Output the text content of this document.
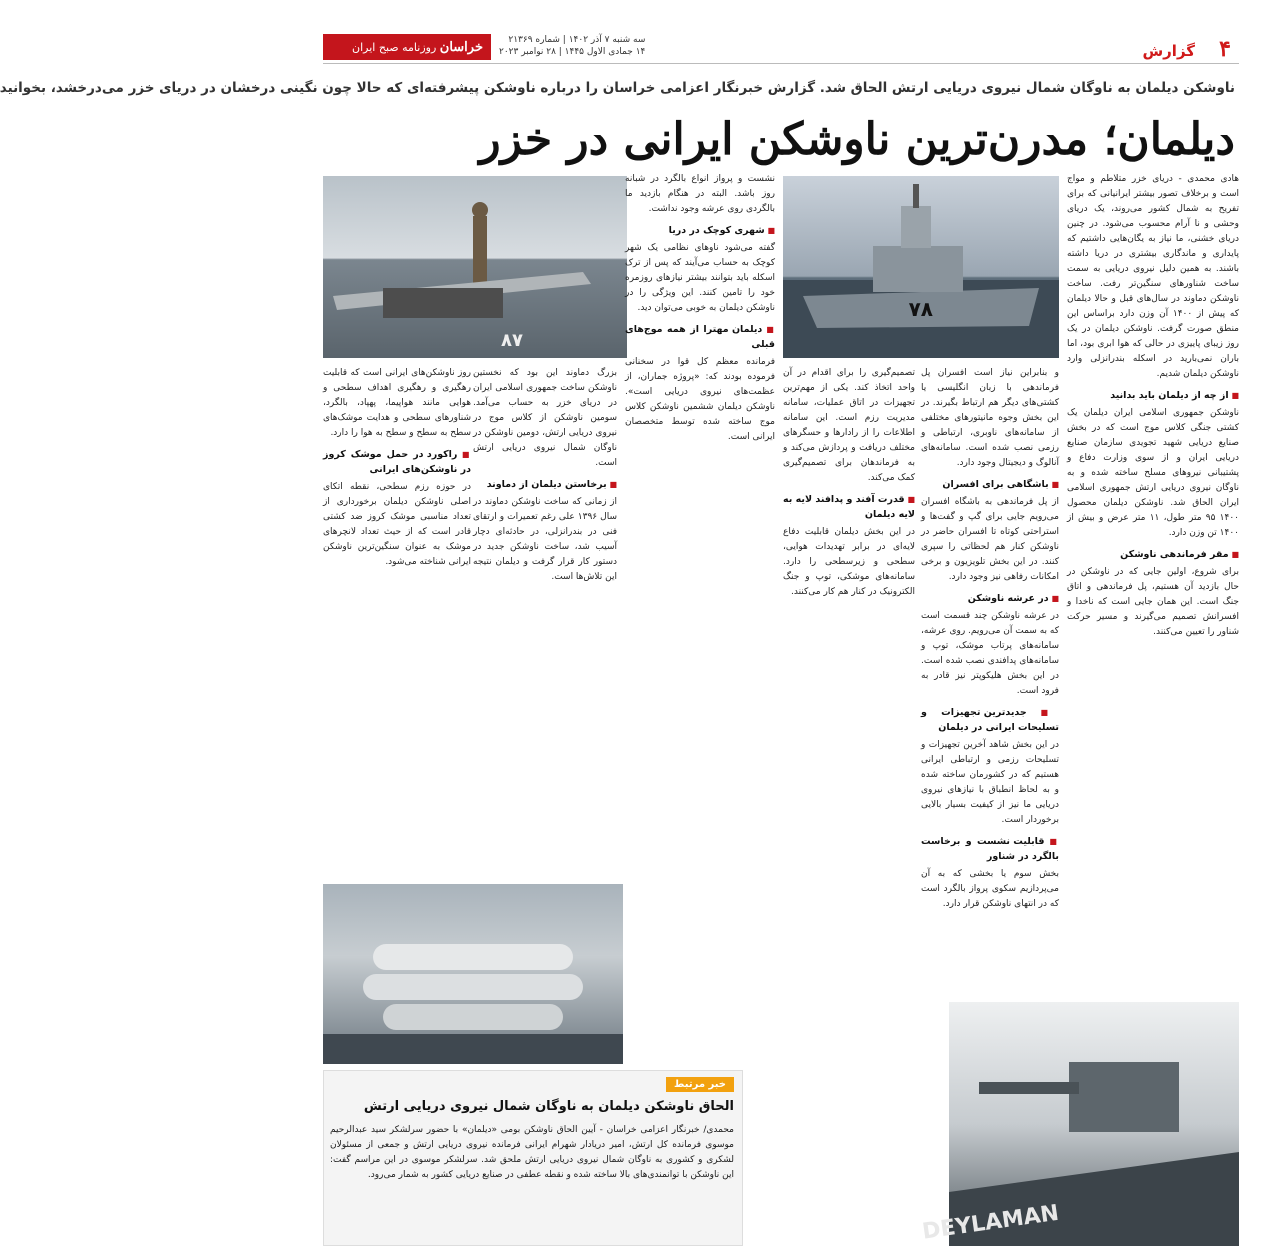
۴
گزارش
خراسان روزنامه صبح ایران
سه شنبه ۷ آذر ۱۴۰۲ | شماره ۲۱۳۶۹
۱۴ جمادی الاول ۱۴۴۵ | ۲۸ نوامبر ۲۰۲۳
ناوشکن دیلمان به ناوگان شمال نیروی دریایی ارتش الحاق شد. گزارش خبرنگار اعزامی خراسان را درباره ناوشکن پیشرفته‌ای که حالا چون نگینی درخشان در دریای خزر می‌درخشد، بخوانید
دیلمان؛ مدرن‌ترین ناوشکن ایرانی در خزر
۷۸
۸۷
DEYLAMAN

هادی محمدی - دریای خزر متلاطم و مواج است و برخلاف تصور بیشتر ایرانیانی که برای تفریح به شمال کشور می‌روند، یک دریای وحشی و نا آرام محسوب می‌شود. در چنین دریای خشنی، ما نیاز به یگان‌هایی داشتیم که پایداری و ماندگاری بیشتری در دریا داشته باشند. به همین دلیل نیروی دریایی به سمت ساخت شناورهای سنگین‌تر رفت. ساخت ناوشکن دماوند در سال‌های قبل و حالا دیلمان که پیش از ۱۴۰۰ آن وزن دارد براساس این منطق صورت گرفت. ناوشکن دیلمان در یک روز زیبای پاییزی در حالی که هوا ابری بود، اما باران نمی‌بارید در اسکله بندرانزلی وارد ناوشکن دیلمان شدیم.

■ از چه از دیلمان باید بدانید

ناوشکن جمهوری اسلامی ایران دیلمان یک کشتی جنگی کلاس موج است که در بخش صنایع دریایی شهید تجویدی سازمان صنایع دریایی ایران و از سوی وزارت دفاع و پشتیبانی نیروهای مسلح ساخته شده و به ناوگان نیروی دریایی ارتش جمهوری اسلامی ایران الحاق شد. ناوشکن دیلمان محصول ۱۴۰۰ ۹۵ متر طول، ۱۱ متر عرض و بیش از ۱۴۰۰ تن وزن دارد.

■ مقر فرماندهی ناوشکن

برای شروع، اولین جایی که در ناوشکن در حال بازدید آن هستیم، پل فرماندهی و اتاق جنگ است. این همان جایی است که ناخدا و افسرانش تصمیم می‌گیرند و مسیر حرکت شناور را تعیین می‌کنند.

و بنابراین نیاز است افسران پل فرماندهی با زبان انگلیسی یا کشتی‌های دیگر هم ارتباط بگیرند. در این بخش وجوه مانیتورهای مختلفی از سامانه‌های ناوبری، ارتباطی و رزمی نصب شده است. سامانه‌های آنالوگ و دیجیتال وجود دارد.

■ باشگاهی برای افسران

از پل فرماندهی به باشگاه افسران می‌رویم جایی برای گپ و گفت‌ها و استراحتی کوتاه تا افسران حاضر در ناوشکن کنار هم لحظاتی را سپری کنند. در این بخش تلویزیون و برخی امکانات رفاهی نیز وجود دارد.

■ در عرشه ناوشکن

در عرشه ناوشکن چند قسمت است که به سمت آن می‌رویم. روی عرشه، سامانه‌های پرتاب موشک، توپ و سامانه‌های پدافندی نصب شده است. در این بخش هلیکوپتر نیز قادر به فرود است.

■ جدیدترین تجهیزات و تسلیحات ایرانی در دیلمان

در این بخش شاهد آخرین تجهیزات و تسلیحات رزمی و ارتباطی ایرانی هستیم که در کشورمان ساخته شده و به لحاظ انطباق با نیازهای نیروی دریایی ما نیز از کیفیت بسیار بالایی برخوردار است.

■ قابلیت نشست و برخاست بالگرد در شناور

بخش سوم یا بخشی که به آن می‌پردازیم سکوی پرواز بالگرد است که در انتهای ناوشکن قرار دارد.

تصمیم‌گیری را برای اقدام در آن واحد اتخاذ کند. یکی از مهم‌ترین تجهیزات در اتاق عملیات، سامانه مدیریت رزم است. این سامانه اطلاعات را از رادارها و حسگرهای مختلف دریافت و پردازش می‌کند و به فرماندهان برای تصمیم‌گیری کمک می‌کند.

■ قدرت آفند و پدافند لایه به لایه دیلمان

در این بخش دیلمان قابلیت دفاع لایه‌ای در برابر تهدیدات هوایی، سطحی و زیرسطحی را دارد. سامانه‌های موشکی، توپ و جنگ الکترونیک در کنار هم کار می‌کنند.

نشست و پرواز انواع بالگرد در شبانه روز باشد. البته در هنگام بازدید ما بالگردی روی عرشه وجود نداشت.

■ شهری کوچک در دریا

گفته می‌شود ناوهای نظامی یک شهر کوچک به حساب می‌آیند که پس از ترک اسکله باید بتوانند بیشتر نیازهای روزمره خود را تامین کنند. این ویژگی را در ناوشکن دیلمان به خوبی می‌توان دید.

■ دیلمان مهترا از همه موج‌های قبلی

فرمانده معظم کل قوا در سخنانی فرموده بودند که: «پروژه جماران، از عظمت‌های نیروی دریایی است». ناوشکن دیلمان ششمین ناوشکن کلاس موج ساخته شده توسط متخصصان ایرانی است.

بزرگ دماوند این بود که نخستین ناوشکن ساخت جمهوری اسلامی ایران در دریای خزر به حساب می‌آمد. سومین ناوشکن از کلاس موج در نیروی دریایی ارتش، دومین ناوشکن در ناوگان شمال نیروی دریایی ارتش است.

■ برخاستن دیلمان از دماوند

از زمانی که ساخت ناوشکن دماوند در سال ۱۳۹۶ علی رغم تعمیرات و ارتقای فنی در بندرانزلی، در حادثه‌ای دچار آسیب شد، ساخت ناوشکن جدید در دستور کار قرار گرفت و دیلمان نتیجه این تلاش‌ها است.

روز ناوشکن‌های ایرانی است که قابلیت رهگیری و رهگیری اهداف سطحی و هوایی مانند هواپیما، پهپاد، بالگرد، شناورهای سطحی و هدایت موشک‌های سطح به سطح و سطح به هوا را دارد.

■ راکورد در حمل موشک کروز در ناوشکن‌های ایرانی

در حوزه رزم سطحی، نقطه اتکای اصلی ناوشکن دیلمان برخورداری از تعداد مناسبی موشک کروز ضد کشتی قادر است که از حیث تعداد لانچرهای موشک به عنوان سنگین‌ترین ناوشکن ایرانی شناخته می‌شود.

خبر مرتبط
الحاق ناوشکن دیلمان به ناوگان شمال نیروی دریایی ارتش
محمدی/ خبرنگار اعزامی خراسان - آیین الحاق ناوشکن بومی «دیلمان» با حضور سرلشکر سید عبدالرحیم موسوی فرمانده کل ارتش، امیر دریادار شهرام ایرانی فرمانده نیروی دریایی ارتش و جمعی از مسئولان لشکری و کشوری به ناوگان شمال نیروی دریایی ارتش ملحق شد. سرلشکر موسوی در این مراسم گفت: این ناوشکن با توانمندی‌های بالا ساخته شده و نقطه عطفی در صنایع دریایی کشور به شمار می‌رود.
